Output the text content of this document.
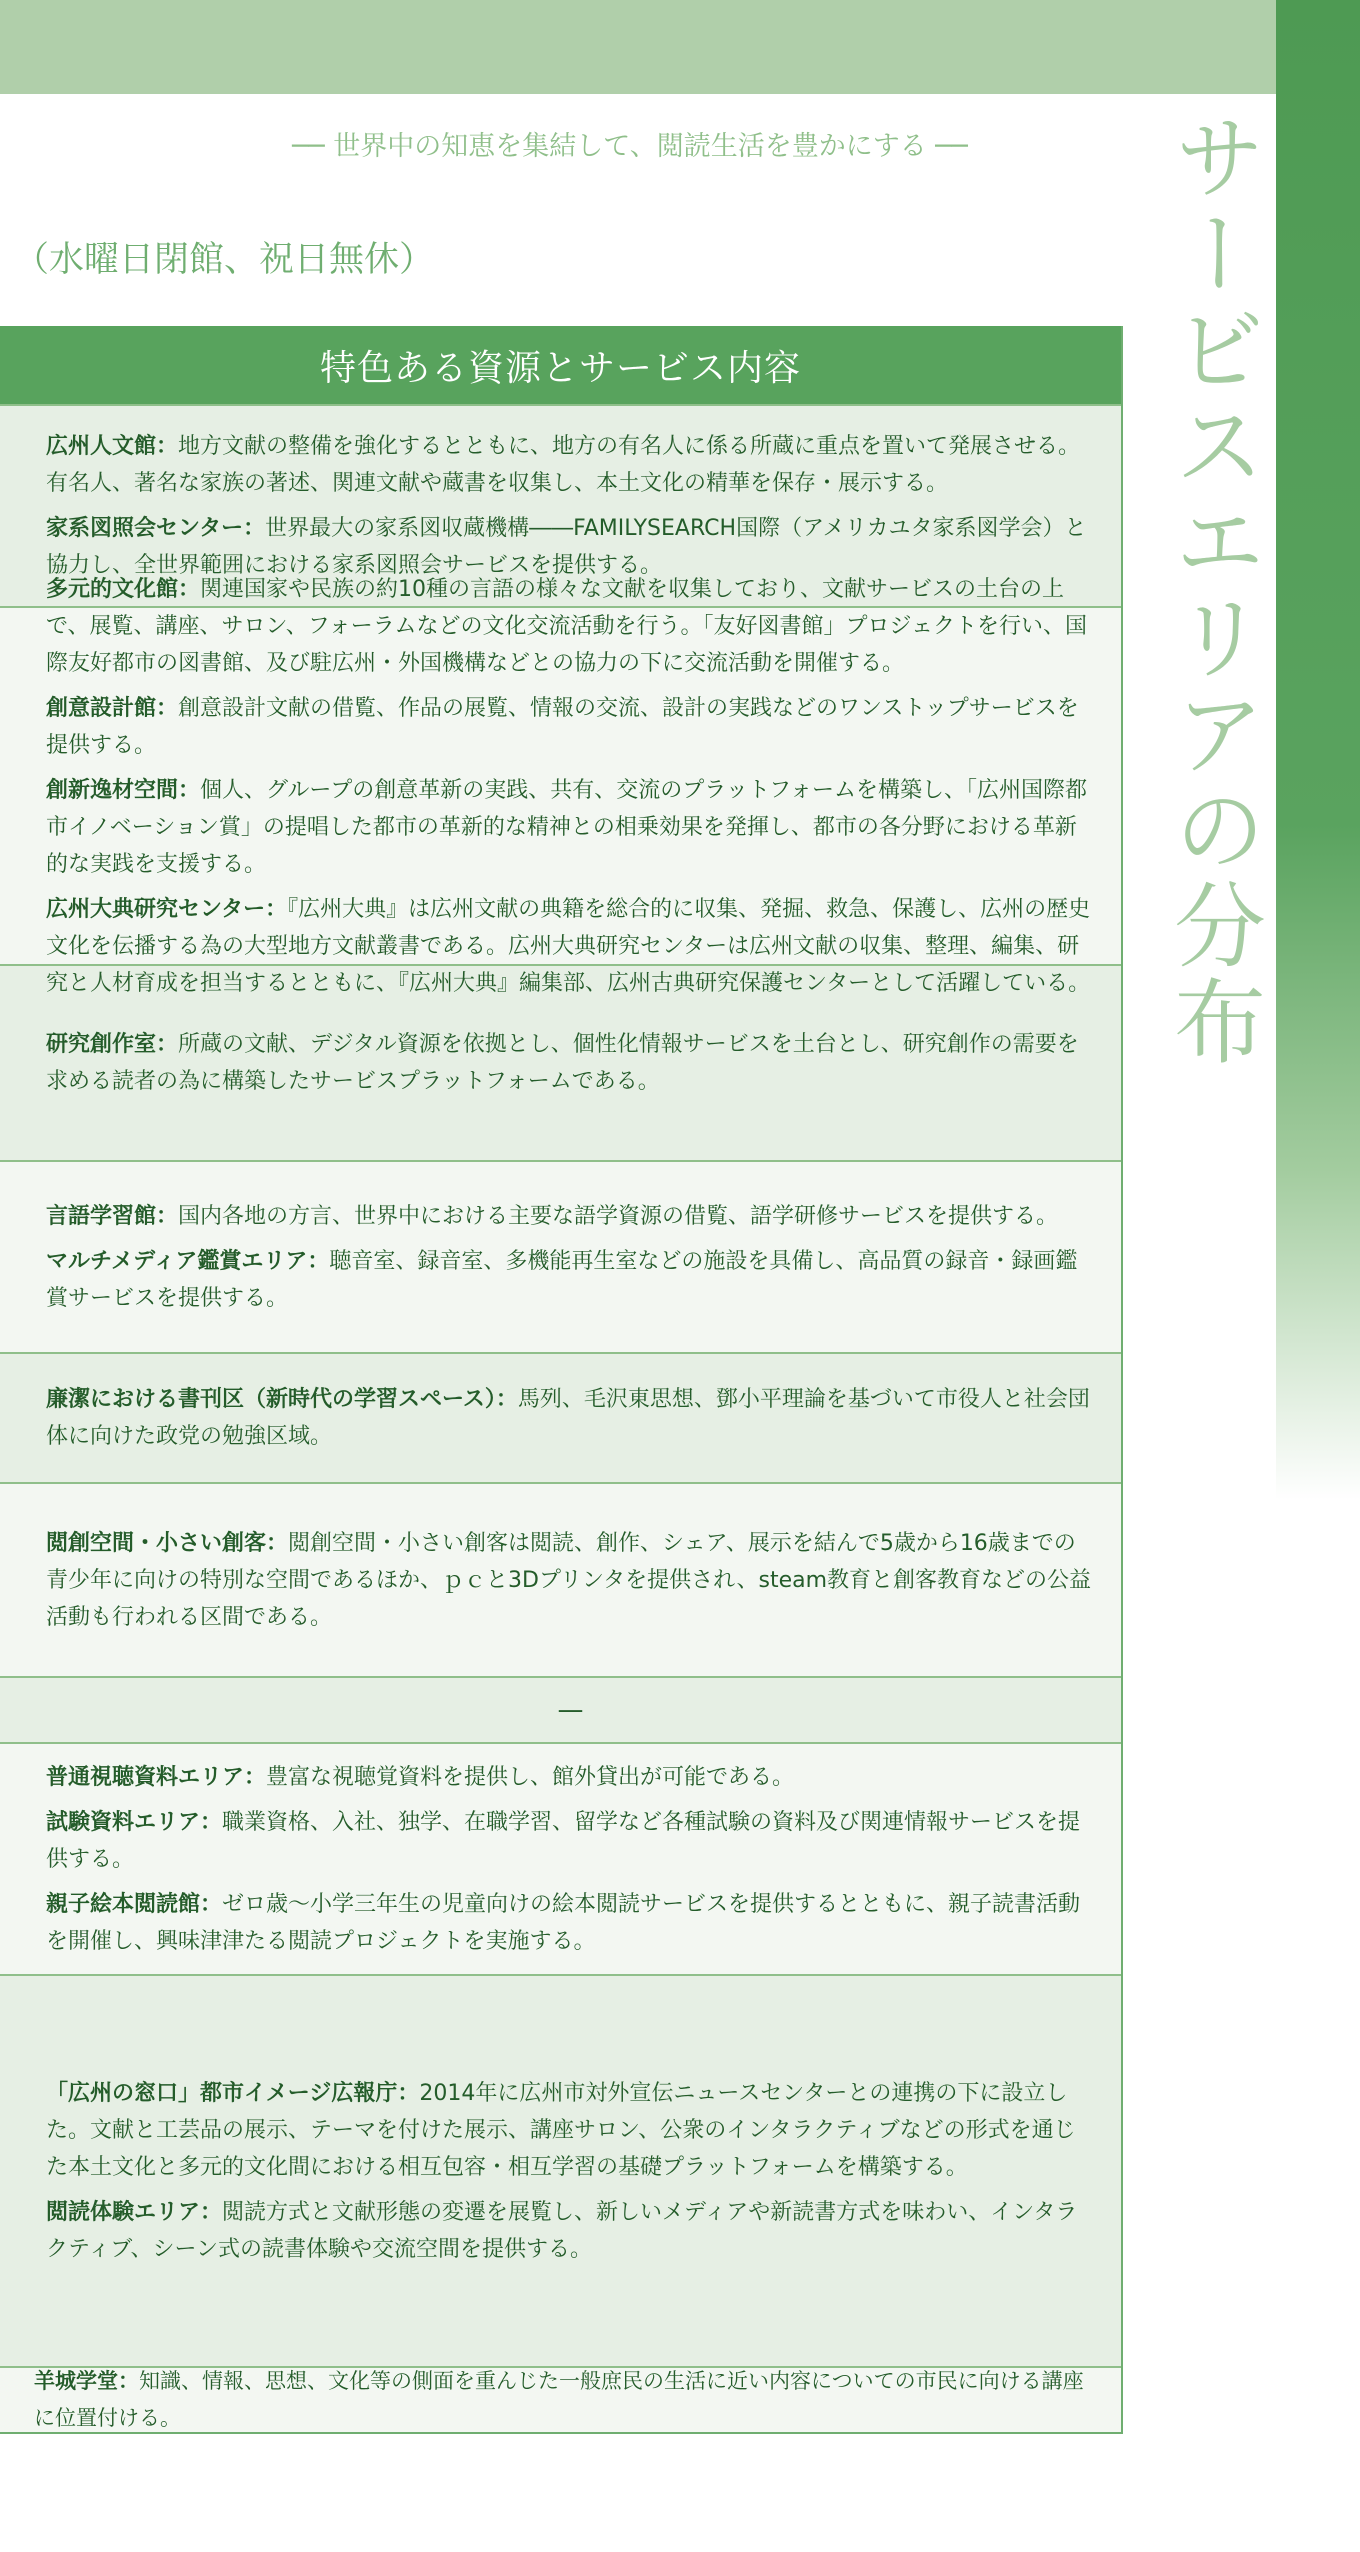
サービスエリアの分布
── 世界中の知恵を集結して、閲読生活を豊かにする ──
（水曜日閉館、祝日無休）
特色ある資源とサービス内容
広州人文館：地方文献の整備を強化するとともに、地方の有名人に係る所蔵に重点を置いて発展させる。有名人、著名な家族の著述、関連文献や蔵書を収集し、本土文化の精華を保存・展示する。
家系図照会センター：世界最大の家系図収蔵機構――FAMILYSEARCH国際（アメリカユタ家系図学会）と協力し、全世界範囲における家系図照会サービスを提供する。
多元的文化館：関連国家や民族の約10種の言語の様々な文献を収集しており、文献サービスの土台の上で、展覧、講座、サロン、フォーラムなどの文化交流活動を行う。「友好図書館」プロジェクトを行い、国際友好都市の図書館、及び駐広州・外国機構などとの協力の下に交流活動を開催する。
創意設計館：創意設計文献の借覧、作品の展覧、情報の交流、設計の実践などのワンストップサービスを提供する。
創新逸材空間：個人、グループの創意革新の実践、共有、交流のプラットフォームを構築し、「広州国際都市イノベーション賞」の提唱した都市の革新的な精神との相乗効果を発揮し、都市の各分野における革新的な実践を支援する。
広州大典研究センター：『広州大典』は広州文献の典籍を総合的に収集、発掘、救急、保護し、広州の歴史文化を伝播する為の大型地方文献叢書である。広州大典研究センターは広州文献の収集、整理、編集、研究と人材育成を担当するとともに、『広州大典』編集部、広州古典研究保護センターとして活躍している。
研究創作室：所蔵の文献、デジタル資源を依拠とし、個性化情報サービスを土台とし、研究創作の需要を求める読者の為に構築したサービスプラットフォームである。
言語学習館：国内各地の方言、世界中における主要な語学資源の借覧、語学研修サービスを提供する。
マルチメディア鑑賞エリア：聴音室、録音室、多機能再生室などの施設を具備し、高品質の録音・録画鑑賞サービスを提供する。
廉潔における書刊区（新時代の学習スペース）：馬列、毛沢東思想、鄧小平理論を基づいて市役人と社会団体に向けた政党の勉強区域。
閲創空間・小さい創客：閲創空間・小さい創客は閲読、創作、シェア、展示を結んで5歳から16歳までの青少年に向けの特別な空間であるほか、ｐｃと3Dプリンタを提供され、steam教育と創客教育などの公益活動も行われる区間である。
—
普通視聴資料エリア：豊富な視聴覚資料を提供し、館外貸出が可能である。
試験資料エリア：職業資格、入社、独学、在職学習、留学など各種試験の資料及び関連情報サービスを提供する。
親子絵本閲読館：ゼロ歳～小学三年生の児童向けの絵本閲読サービスを提供するとともに、親子読書活動を開催し、興味津津たる閲読プロジェクトを実施する。
「広州の窓口」都市イメージ広報庁：2014年に広州市対外宣伝ニュースセンターとの連携の下に設立した。文献と工芸品の展示、テーマを付けた展示、講座サロン、公衆のインタラクティブなどの形式を通じた本土文化と多元的文化間における相互包容・相互学習の基礎プラットフォームを構築する。
閲読体験エリア：閲読方式と文献形態の変遷を展覧し、新しいメディアや新読書方式を味わい、インタラクティブ、シーン式の読書体験や交流空間を提供する。
羊城学堂：知識、情報、思想、文化等の側面を重んじた一般庶民の生活に近い内容についての市民に向ける講座に位置付ける。
